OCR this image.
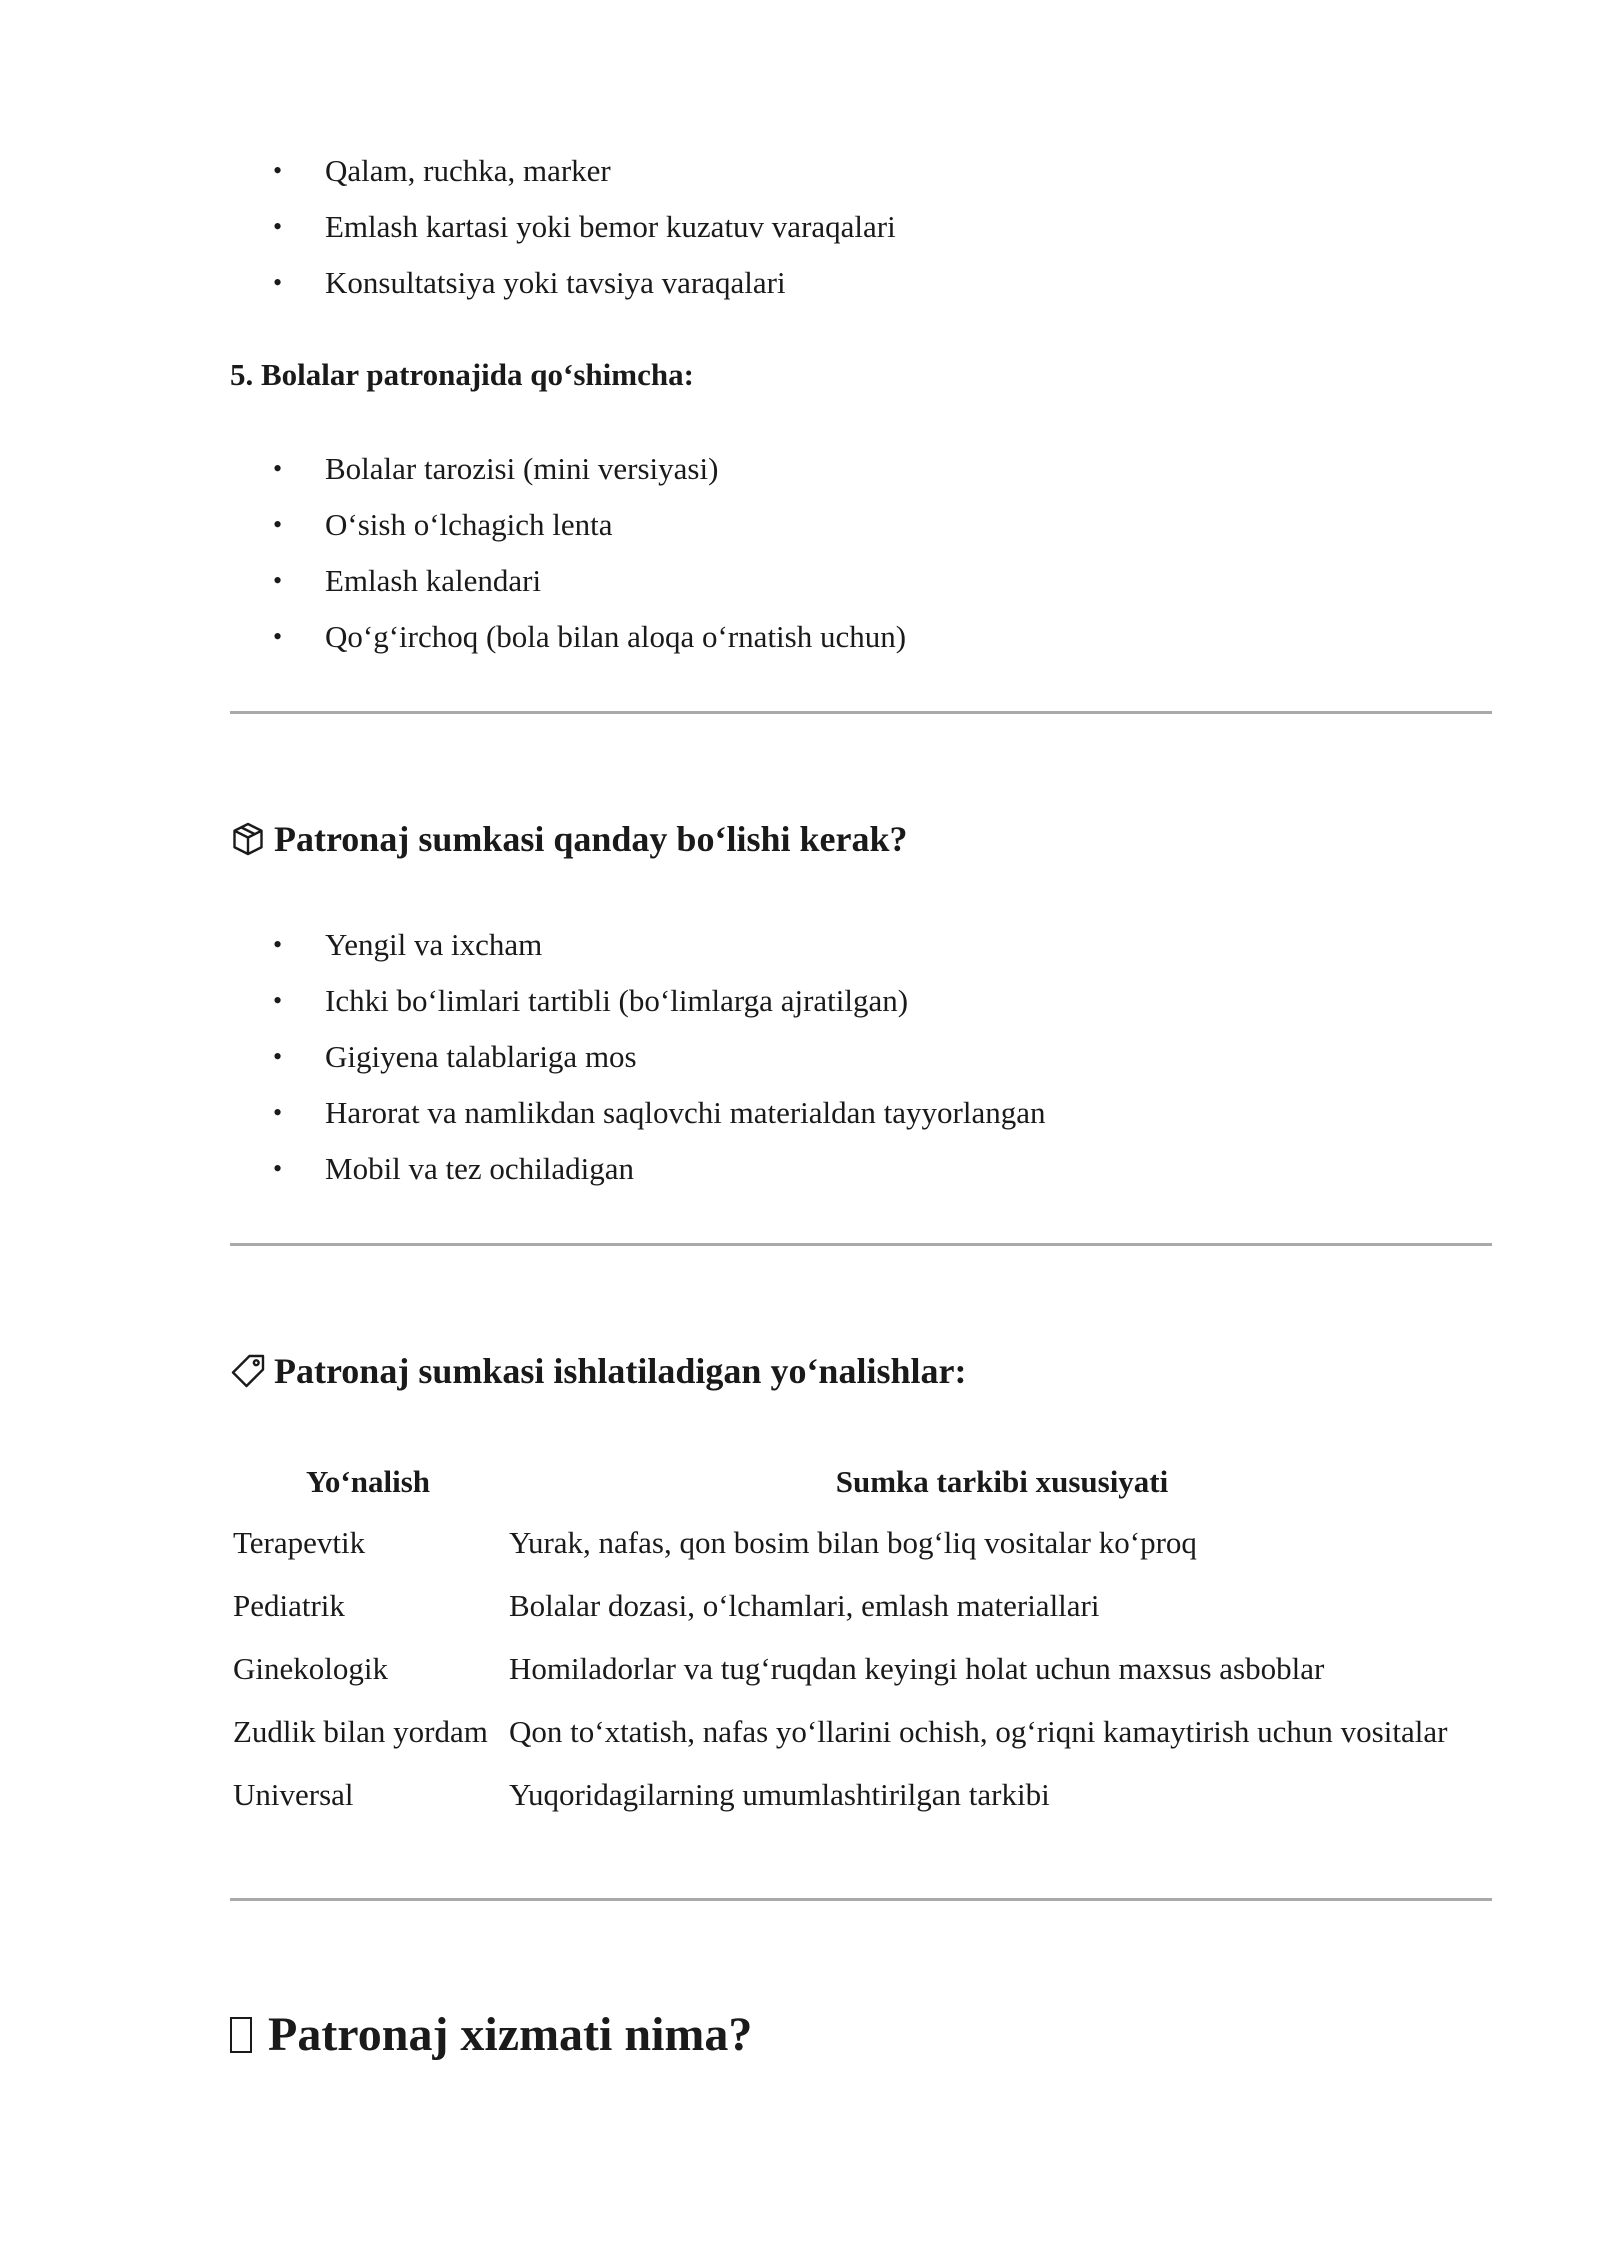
•	Qalam, ruchka, marker
•	Emlash kartasi yoki bemor kuzatuv varaqalari
•	Konsultatsiya yoki tavsiya varaqalari
5. Bolalar patronajida qo‘shimcha:
•	Bolalar tarozisi (mini versiyasi)
•	O‘sish o‘lchagich lenta
•	Emlash kalendari
•	Qo‘g‘irchoq (bola bilan aloqa o‘rnatish uchun)
Patronaj sumkasi qanday bo‘lishi kerak?
•	Yengil va ixcham
•	Ichki bo‘limlari tartibli (bo‘limlarga ajratilgan)
•	Gigiyena talablariga mos
•	Harorat va namlikdan saqlovchi materialdan tayyorlangan
•	Mobil va tez ochiladigan
Patronaj sumkasi ishlatiladigan yo‘nalishlar:
Yo‘nalish	Sumka tarkibi xususiyati
Terapevtik	Yurak, nafas, qon bosim bilan bog‘liq vositalar ko‘proq
Pediatrik	Bolalar dozasi, o‘lchamlari, emlash materiallari
Ginekologik	Homiladorlar va tug‘ruqdan keyingi holat uchun maxsus asboblar
Zudlik bilan yordam	Qon to‘xtatish, nafas yo‘llarini ochish, og‘riqni kamaytirish uchun vositalar
Universal	Yuqoridagilarning umumlashtirilgan tarkibi
Patronaj xizmati nima?
